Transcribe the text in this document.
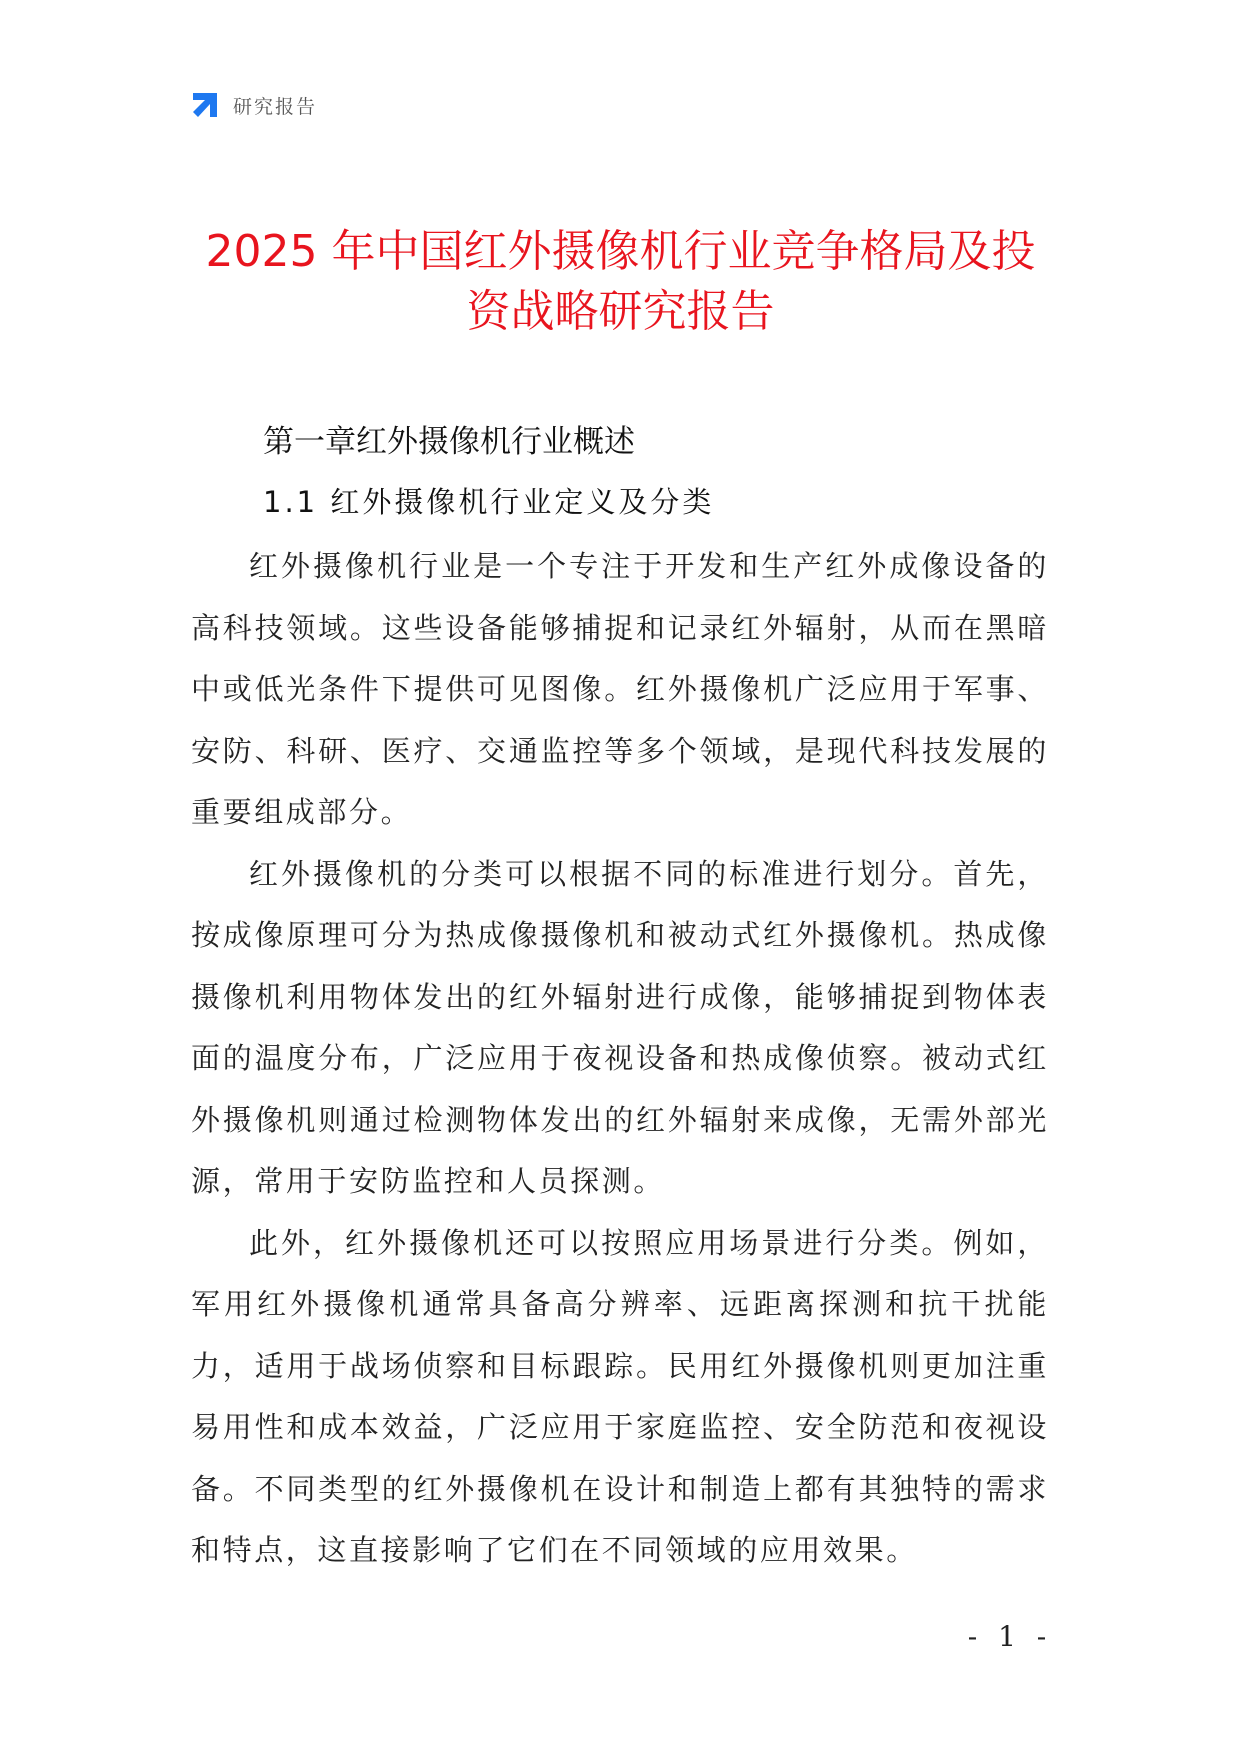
研究报告
2025 年中国红外摄像机行业竞争格局及投
资战略研究报告
第一章红外摄像机行业概述
1.1 红外摄像机行业定义及分类

红外摄像机行业是一个专注于开发和生产红外成像设备的高科技领域。这些设备能够捕捉和记录红外辐射，从而在黑暗中或低光条件下提供可见图像。红外摄像机广泛应用于军事、安防、科研、医疗、交通监控等多个领域，是现代科技发展的重要组成部分。

红外摄像机的分类可以根据不同的标准进行划分。首先，按成像原理可分为热成像摄像机和被动式红外摄像机。热成像摄像机利用物体发出的红外辐射进行成像，能够捕捉到物体表面的温度分布，广泛应用于夜视设备和热成像侦察。被动式红外摄像机则通过检测物体发出的红外辐射来成像，无需外部光源，常用于安防监控和人员探测。

此外，红外摄像机还可以按照应用场景进行分类。例如，军用红外摄像机通常具备高分辨率、远距离探测和抗干扰能力，适用于战场侦察和目标跟踪。民用红外摄像机则更加注重易用性和成本效益，广泛应用于家庭监控、安全防范和夜视设备。不同类型的红外摄像机在设计和制造上都有其独特的需求和特点，这直接影响了它们在不同领域的应用效果。

- 1 -
